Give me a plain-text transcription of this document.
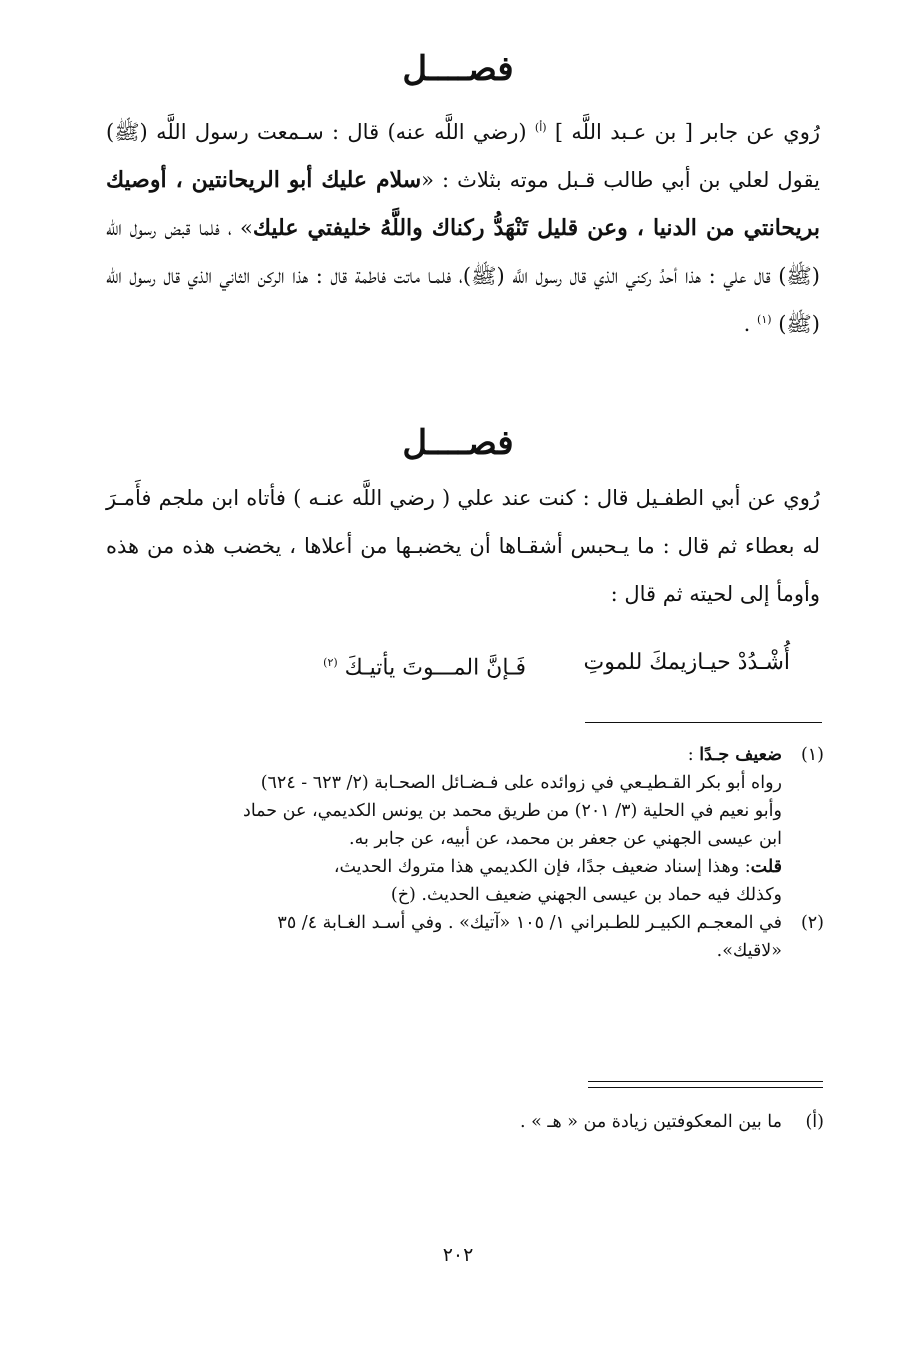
فصــــل

رُوي عن جابر [ بن عـبد اللَّه ] $^{(أ)}$ (رضي اللَّه عنه) قال : سـمعت رسول اللَّه (ﷺ) يقول لعلي بن أبي طالب قـبل موته بثلاث : «سلام عليك أبو الريحانتين ، أوصيك بريحانتي من الدنيا ، وعن قليل تَنْهَدُّ ركناك واللَّهُ خليفتي عليك» ، فلما قبض رسول الله (ﷺ) قال علي : هذا أحدُ ركني الذي قال رسول اللَّه (ﷺ)، فلمـا ماتت فاطمة قال : هذا الركن الثاني الذي قال رسول الله (ﷺ) $^{(١)}$ .

فصــــل

رُوي عن أبي الطفـيل قال : كنت عند علي ( رضي اللَّه عنـه ) فأتاه ابن ملجم فأَمـرَ له بعطاء ثم قال : ما يـحبس أشقـاها أن يخضبـها من أعلاها ، يخضب هذه من هذه وأومأ إلى لحيته ثم قال :

أُشْـدُدْ حيـازيمكَ للموتِ
فَـإنَّ المـــوتَ يأتيـكَ $^{(٢)}$
(١)
ضعيف جـدًا :
رواه أبو بكر القـطيـعي في زوائده على فـضـائل الصحـابة (٢/ ٦٢٣ - ٦٢٤)
وأبو نعيم في الحلية (٣/ ٢٠١) من طريق محمد بن يونس الكديمي، عن حماد
ابن عيسى الجهني عن جعفر بن محمد، عن أبيه، عن جابر به.
قلت: وهذا إسناد ضعيف جدًا، فإن الكديمي هذا متروك الحديث،
وكذلك فيه حماد بن عيسى الجهني ضعيف الحديث. (خ)
(٢)
في المعجـم الكبيـر للطـبراني ١/ ١٠٥ «آتيك» . وفي أسـد الغـابة ٤/ ٣٥
«لاقيك».
(أ)
ما بين المعكوفتين زيادة من « هـ » .
٢٠٢
